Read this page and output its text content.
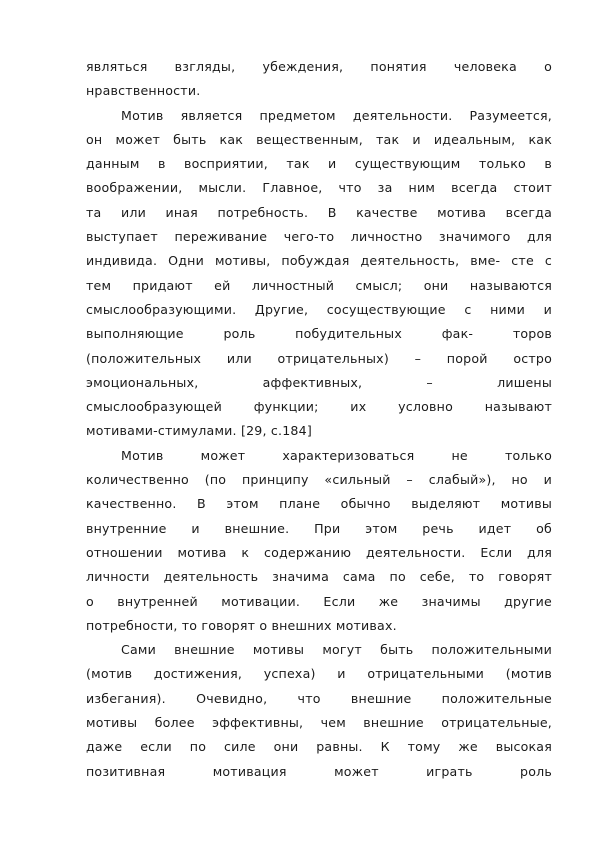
являться взгляды, убеждения, понятия человека о
нравственности.
Мотив является предметом деятельности. Разумеется,
он может быть как вещественным, так и идеальным, как
данным в восприятии, так и существующим только в
воображении, мысли. Главное, что за ним всегда стоит
та или иная потребность. В качестве мотива всегда
выступает переживание чего-то личностно значимого для
индивида. Одни мотивы, побуждая деятельность, вме- сте с
тем придают ей личностный смысл; они называются
смыслообразующими. Другие, сосуществующие с ними и
выполняющие роль побудительных фак- торов
(положительных или отрицательных) – порой остро
эмоциональных, аффективных, – лишены
смыслообразующей функции; их условно называют
мотивами-стимулами. [29, с.184]
Мотив может характеризоваться не только
количественно (по принципу «сильный – слабый»), но и
качественно. В этом плане обычно выделяют мотивы
внутренние и внешние. При этом речь идет об
отношении мотива к содержанию деятельности. Если для
личности деятельность значима сама по себе, то говорят
о внутренней мотивации. Если же значимы другие
потребности, то говорят о внешних мотивах.
Сами внешние мотивы могут быть положительными
(мотив достижения, успеха) и отрицательными (мотив
избегания). Очевидно, что внешние положительные
мотивы более эффективны, чем внешние отрицательные,
даже если по силе они равны. К тому же высокая
позитивная мотивация может играть роль
